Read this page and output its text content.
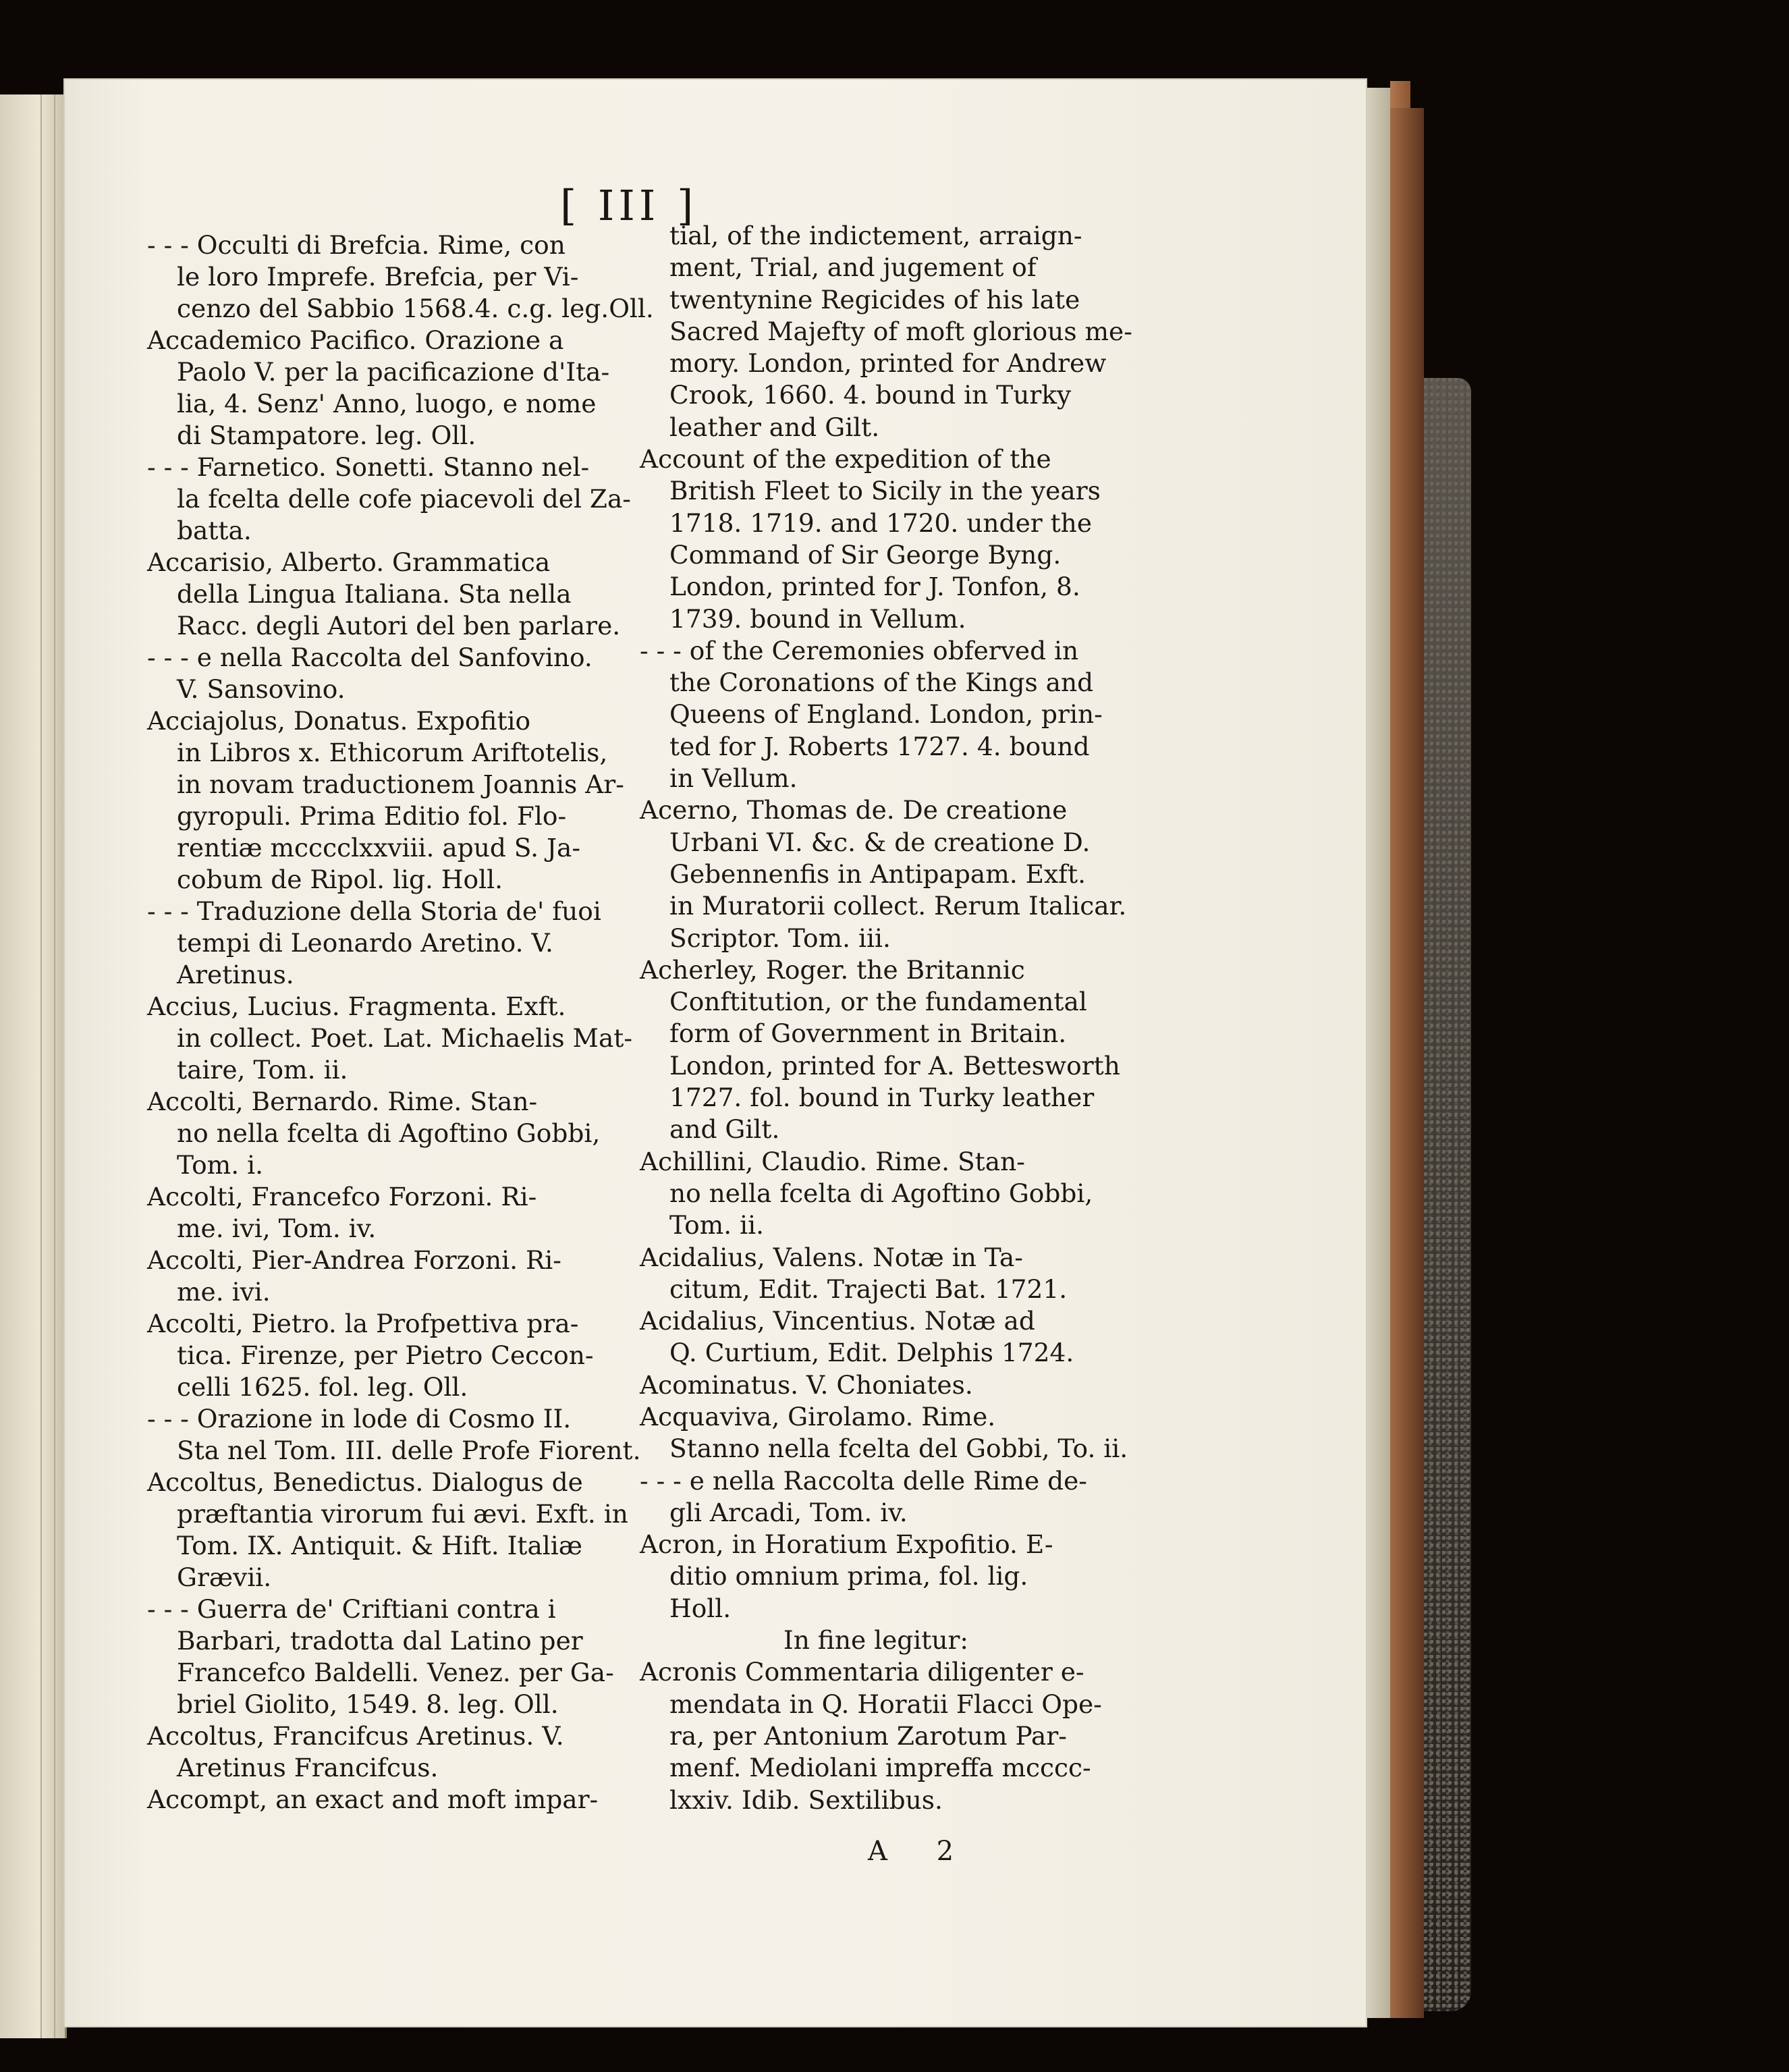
[ III ]
- - - Occulti di Brefcia. Rime, con
le loro Imprefe. Brefcia, per Vi-
cenzo del Sabbio 1568.4. c.g. leg.Oll.
Accademico Pacifico. Orazione a
Paolo V. per la pacificazione d'Ita-
lia, 4. Senz' Anno, luogo, e nome
di Stampatore. leg. Oll.
- - - Farnetico. Sonetti. Stanno nel-
la fcelta delle cofe piacevoli del Za-
batta.
Accarisio, Alberto. Grammatica
della Lingua Italiana. Sta nella
Racc. degli Autori del ben parlare.
- - - e nella Raccolta del Sanfovino.
V. Sansovino.
Acciajolus, Donatus. Expofitio
in Libros x. Ethicorum Ariftotelis,
in novam traductionem Joannis Ar-
gyropuli. Prima Editio fol. Flo-
rentiæ mcccclxxviii. apud S. Ja-
cobum de Ripol. lig. Holl.
- - - Traduzione della Storia de' fuoi
tempi di Leonardo Aretino. V.
Aretinus.
Accius, Lucius. Fragmenta. Exft.
in collect. Poet. Lat. Michaelis Mat-
taire, Tom. ii.
Accolti, Bernardo. Rime. Stan-
no nella fcelta di Agoftino Gobbi,
Tom. i.
Accolti, Francefco Forzoni. Ri-
me. ivi, Tom. iv.
Accolti, Pier-Andrea Forzoni. Ri-
me. ivi.
Accolti, Pietro. la Profpettiva pra-
tica. Firenze, per Pietro Ceccon-
celli 1625. fol. leg. Oll.
- - - Orazione in lode di Cosmo II.
Sta nel Tom. III. delle Profe Fiorent.
Accoltus, Benedictus. Dialogus de
præftantia virorum fui ævi. Exft. in
Tom. IX. Antiquit. & Hift. Italiæ
Grævii.
- - - Guerra de' Criftiani contra i
Barbari, tradotta dal Latino per
Francefco Baldelli. Venez. per Ga-
briel Giolito, 1549. 8. leg. Oll.
Accoltus, Francifcus Aretinus. V.
Aretinus Francifcus.
Accompt, an exact and moft impar-
tial, of the indictement, arraign-
ment, Trial, and jugement of
twentynine Regicides of his late
Sacred Majefty of moft glorious me-
mory. London, printed for Andrew
Crook, 1660. 4. bound in Turky
leather and Gilt.
Account of the expedition of the
British Fleet to Sicily in the years
1718. 1719. and 1720. under the
Command of Sir George Byng.
London, printed for J. Tonfon, 8.
1739. bound in Vellum.
- - - of the Ceremonies obferved in
the Coronations of the Kings and
Queens of England. London, prin-
ted for J. Roberts 1727. 4. bound
in Vellum.
Acerno, Thomas de. De creatione
Urbani VI. &c. & de creatione D.
Gebennenfis in Antipapam. Exft.
in Muratorii collect. Rerum Italicar.
Scriptor. Tom. iii.
Acherley, Roger. the Britannic
Conftitution, or the fundamental
form of Government in Britain.
London, printed for A. Bettesworth
1727. fol. bound in Turky leather
and Gilt.
Achillini, Claudio. Rime. Stan-
no nella fcelta di Agoftino Gobbi,
Tom. ii.
Acidalius, Valens. Notæ in Ta-
citum, Edit. Trajecti Bat. 1721.
Acidalius, Vincentius. Notæ ad
Q. Curtium, Edit. Delphis 1724.
Acominatus. V. Choniates.
Acquaviva, Girolamo. Rime.
Stanno nella fcelta del Gobbi, To. ii.
- - - e nella Raccolta delle Rime de-
gli Arcadi, Tom. iv.
Acron, in Horatium Expofitio. E-
ditio omnium prima, fol. lig.
Holl.
In fine legitur:
Acronis Commentaria diligenter e-
mendata in Q. Horatii Flacci Ope-
ra, per Antonium Zarotum Par-
menf. Mediolani impreffa mcccc-
lxxiv. Idib. Sextilibus.
A 2
